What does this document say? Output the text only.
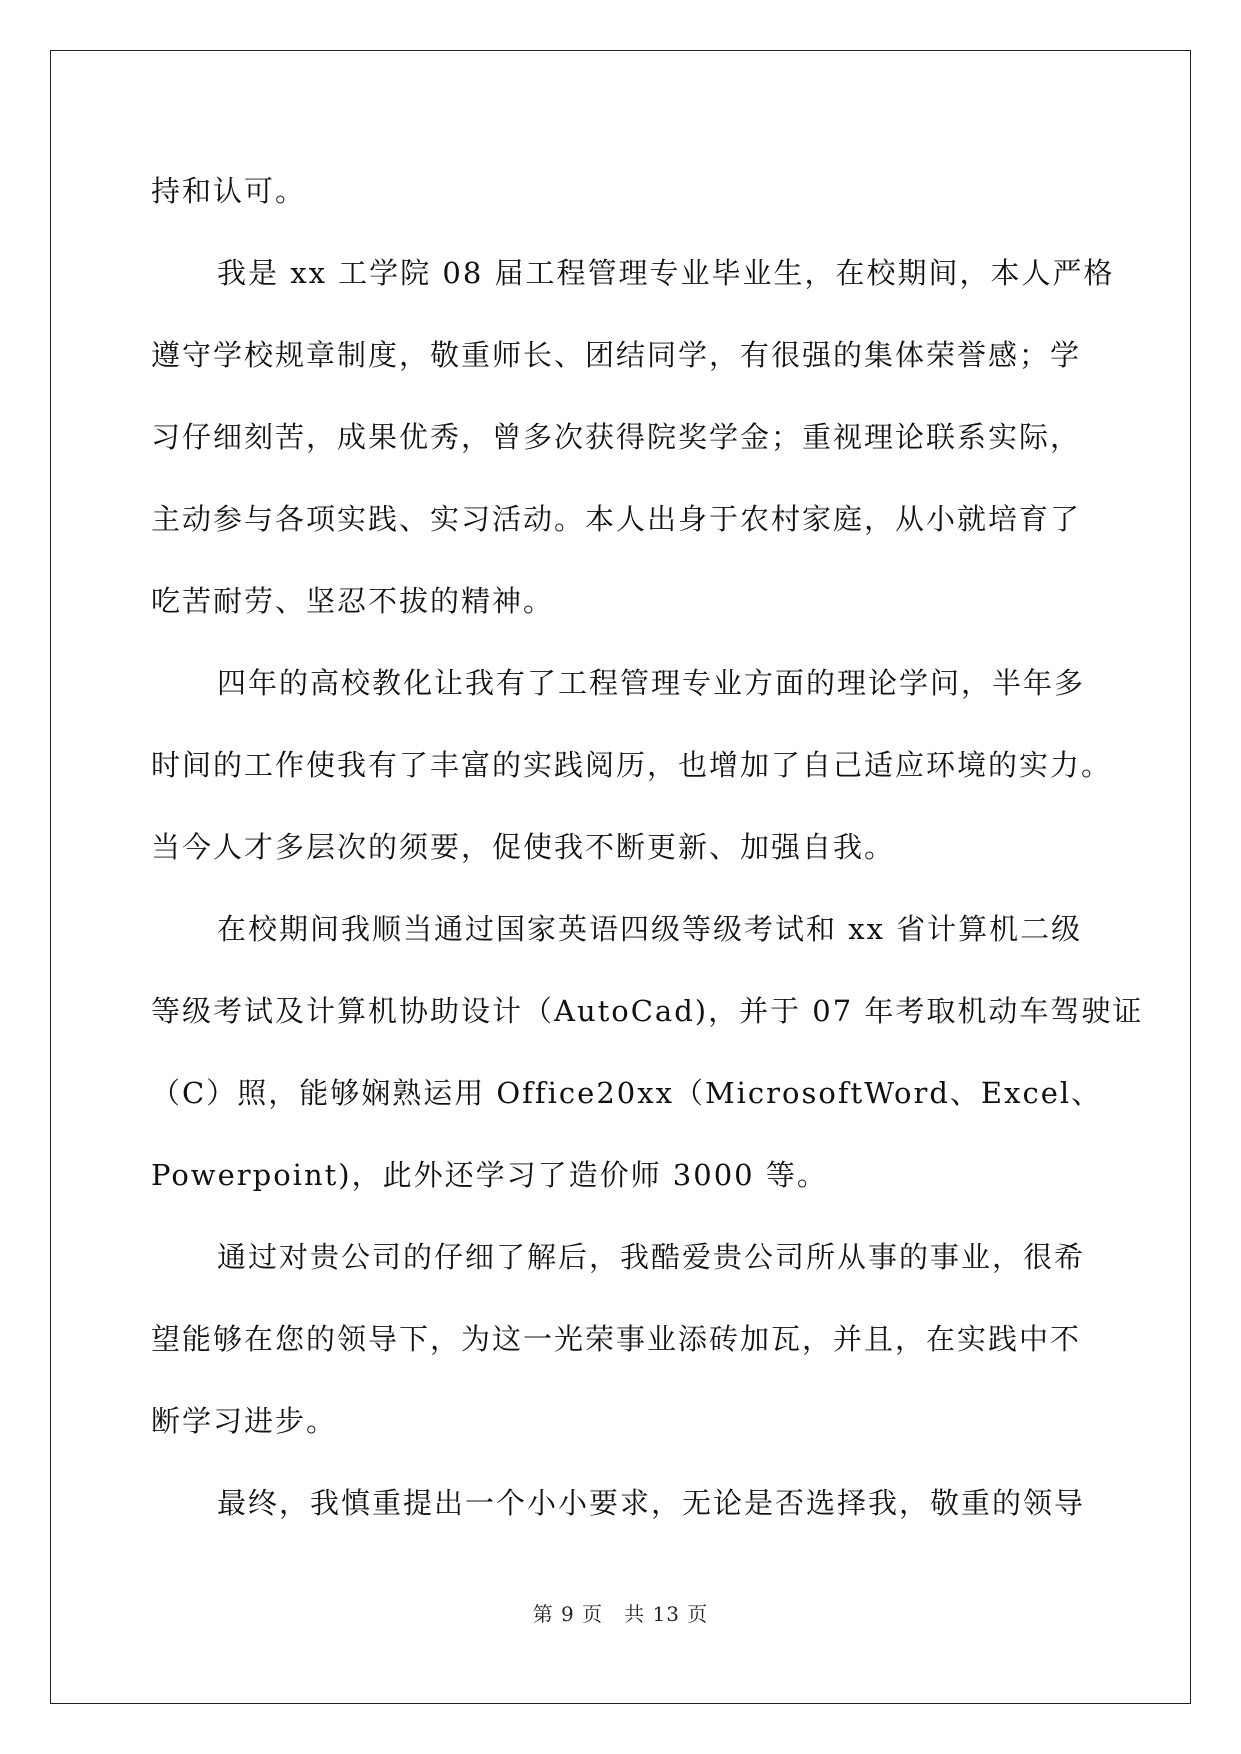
持和认可。

我是 xx 工学院 08 届工程管理专业毕业生，在校期间，本人严格

遵守学校规章制度，敬重师长、团结同学，有很强的集体荣誉感；学

习仔细刻苦，成果优秀，曾多次获得院奖学金；重视理论联系实际，

主动参与各项实践、实习活动。本人出身于农村家庭，从小就培育了

吃苦耐劳、坚忍不拔的精神。

四年的高校教化让我有了工程管理专业方面的理论学问，半年多

时间的工作使我有了丰富的实践阅历，也增加了自己适应环境的实力。

当今人才多层次的须要，促使我不断更新、加强自我。

在校期间我顺当通过国家英语四级等级考试和 xx 省计算机二级

等级考试及计算机协助设计（AutoCad)，并于 07 年考取机动车驾驶证

（C）照，能够娴熟运用 Office20xx（MicrosoftWord、Excel、

Powerpoint)，此外还学习了造价师 3000 等。

通过对贵公司的仔细了解后，我酷爱贵公司所从事的事业，很希

望能够在您的领导下，为这一光荣事业添砖加瓦，并且，在实践中不

断学习进步。

最终，我慎重提出一个小小要求，无论是否选择我，敬重的领导

第 9 页　共 13 页
